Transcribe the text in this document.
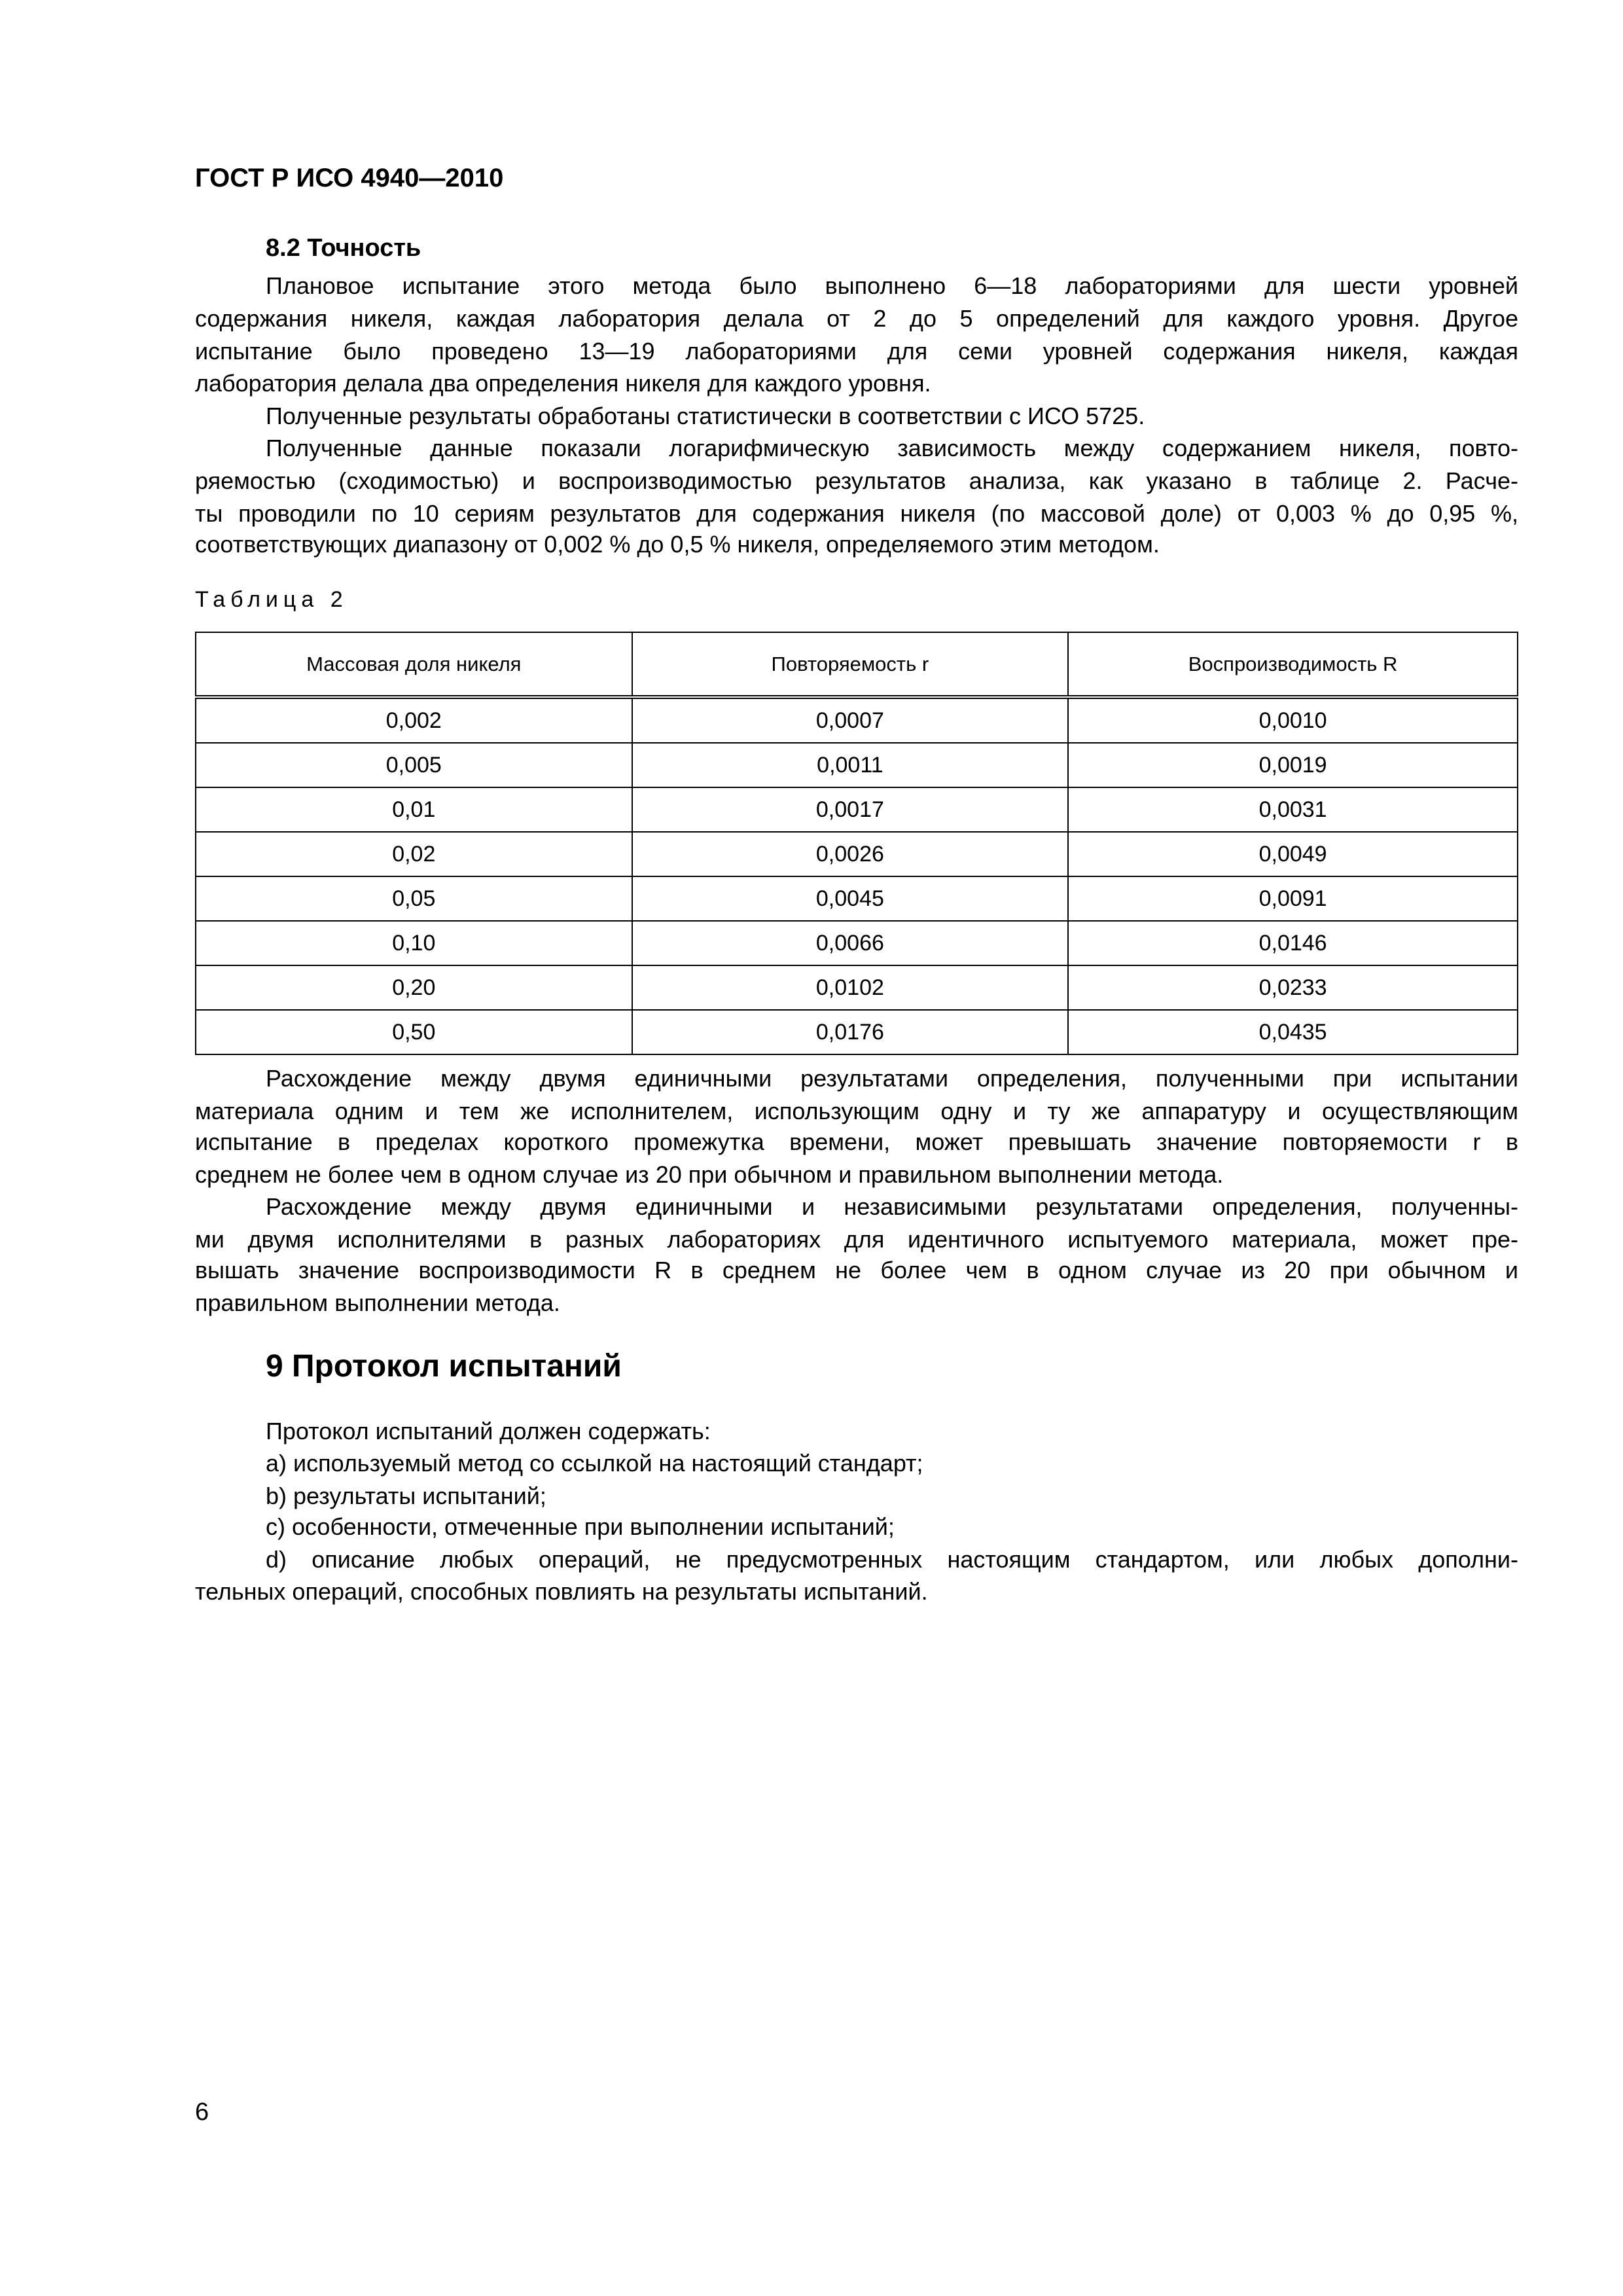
ГОСТ Р ИСО 4940—2010
8.2 Точность
Плановое испытание этого метода было выполнено 6—18 лабораториями для шести уровней
содержания никеля, каждая лаборатория делала от 2 до 5 определений для каждого уровня. Другое
испытание было проведено 13—19 лабораториями для семи уровней содержания никеля, каждая
лаборатория делала два определения никеля для каждого уровня.
Полученные результаты обработаны статистически в соответствии с ИСО 5725.
Полученные данные показали логарифмическую зависимость между содержанием никеля, повто-
ряемостью (сходимостью) и воспроизводимостью результатов анализа, как указано в таблице 2. Расче-
ты проводили по 10 сериям результатов для содержания никеля (по массовой доле) от 0,003 % до 0,95 %,
соответствующих диапазону от 0,002 % до 0,5 % никеля, определяемого этим методом.
Таблица 2
Массовая доля никеля	Повторяемость r	Воспроизводимость R
0,002	0,0007	0,0010
0,005	0,0011	0,0019
0,01	0,0017	0,0031
0,02	0,0026	0,0049
0,05	0,0045	0,0091
0,10	0,0066	0,0146
0,20	0,0102	0,0233
0,50	0,0176	0,0435
Расхождение между двумя единичными результатами определения, полученными при испытании
материала одним и тем же исполнителем, использующим одну и ту же аппаратуру и осуществляющим
испытание в пределах короткого промежутка времени, может превышать значение повторяемости r в
среднем не более чем в одном случае из 20 при обычном и правильном выполнении метода.
Расхождение между двумя единичными и независимыми результатами определения, полученны-
ми двумя исполнителями в разных лабораториях для идентичного испытуемого материала, может пре-
вышать значение воспроизводимости R в среднем не более чем в одном случае из 20 при обычном и
правильном выполнении метода.
9 Протокол испытаний
Протокол испытаний должен содержать:
a) используемый метод со ссылкой на настоящий стандарт;
b) результаты испытаний;
c) особенности, отмеченные при выполнении испытаний;
d) описание любых операций, не предусмотренных настоящим стандартом, или любых дополни-
тельных операций, способных повлиять на результаты испытаний.
6
